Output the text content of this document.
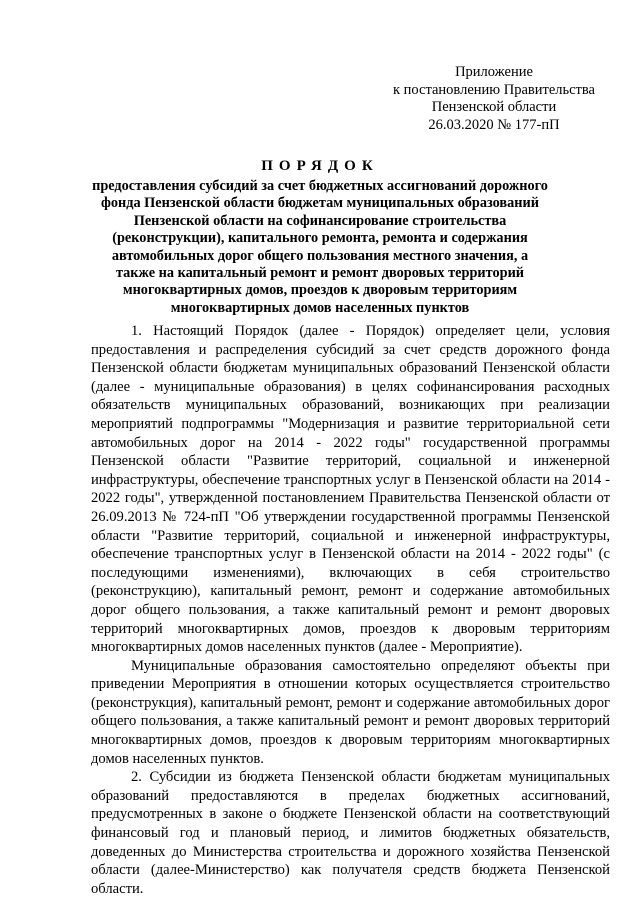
Приложение
к постановлению Правительства
Пензенской области
26.03.2020 № 177-пП
ПОРЯДОК
предоставления субсидий за счет бюджетных ассигнований дорожного фонда Пензенской области бюджетам муниципальных образований Пензенской области на софинансирование строительства (реконструкции), капитального ремонта, ремонта и содержания автомобильных дорог общего пользования местного значения, а также на капитальный ремонт и ремонт дворовых территорий многоквартирных домов, проездов к дворовым территориям многоквартирных домов населенных пунктов

1. Настоящий Порядок (далее - Порядок) определяет цели, условия предоставления и распределения субсидий за счет средств дорожного фонда Пензенской области бюджетам муниципальных образований Пензенской области (далее - муниципальные образования) в целях софинансирования расходных обязательств муниципальных образований, возникающих при реализации мероприятий подпрограммы "Модернизация и развитие территориальной сети автомобильных дорог на 2014 - 2022 годы" государственной программы Пензенской области "Развитие территорий, социальной и инженерной инфраструктуры, обеспечение транспортных услуг в Пензенской области на 2014 - 2022 годы", утвержденной постановлением Правительства Пензенской области от 26.09.2013 № 724-пП "Об утверждении государственной программы Пензенской области "Развитие территорий, социальной и инженерной инфраструктуры, обеспечение транспортных услуг в Пензенской области на 2014 - 2022 годы" (с последующими изменениями), включающих в себя строительство (реконструкцию), капитальный ремонт, ремонт и содержание автомобильных дорог общего пользования, а также капитальный ремонт и ремонт дворовых территорий многоквартирных домов, проездов к дворовым территориям многоквартирных домов населенных пунктов (далее - Мероприятие).

Муниципальные образования самостоятельно определяют объекты при приведении Мероприятия в отношении которых осуществляется строительство (реконструкция), капитальный ремонт, ремонт и содержание автомобильных дорог общего пользования, а также капитальный ремонт и ремонт дворовых территорий многоквартирных домов, проездов к дворовым территориям многоквартирных домов населенных пунктов.

2. Субсидии из бюджета Пензенской области бюджетам муниципальных образований предоставляются в пределах бюджетных ассигнований, предусмотренных в законе о бюджете Пензенской области на соответствующий финансовый год и плановый период, и лимитов бюджетных обязательств, доведенных до Министерства строительства и дорожного хозяйства Пензенской области (далее-Министерство) как получателя средств бюджета Пензенской области.
